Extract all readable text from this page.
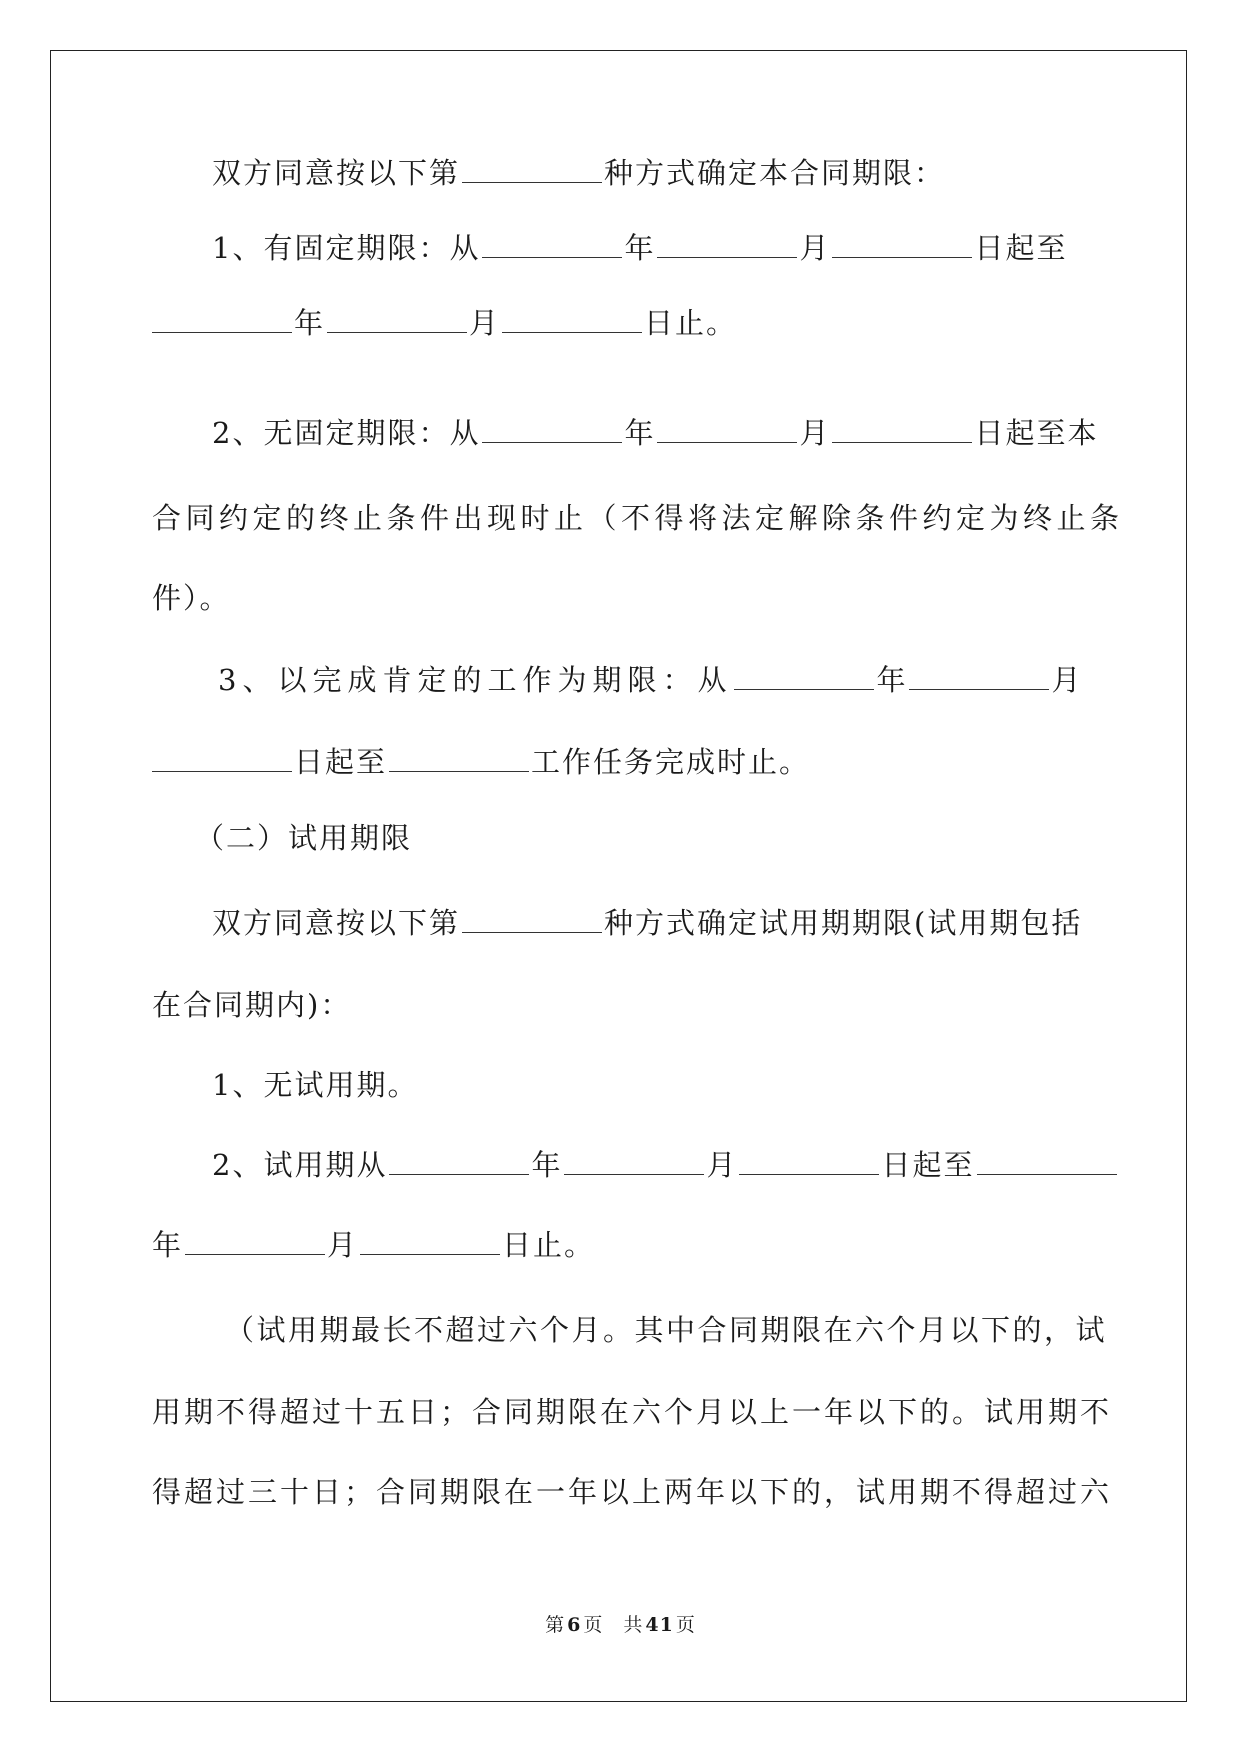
双方同意按以下第	种方式确定本合同期限：
1、有固定期限：从	年	月	日起至
年	月	日止。
2、无固定期限：从	年	月	日起至本
合同约定的终止条件出现时止（不得将法定解除条件约定为终止条
件）。
3、以完成肯定的工作为期限：从	年	月
日起至	工作任务完成时止。
（二）试用期限
双方同意按以下第	种方式确定试用期期限(试用期包括
在合同期内)：
1、无试用期。
2、试用期从	年	月	日起至
年	月	日止。
（试用期最长不超过六个月。其中合同期限在六个月以下的，试
用期不得超过十五日；合同期限在六个月以上一年以下的。试用期不
得超过三十日；合同期限在一年以上两年以下的，试用期不得超过六
第 6 页 共 41 页
